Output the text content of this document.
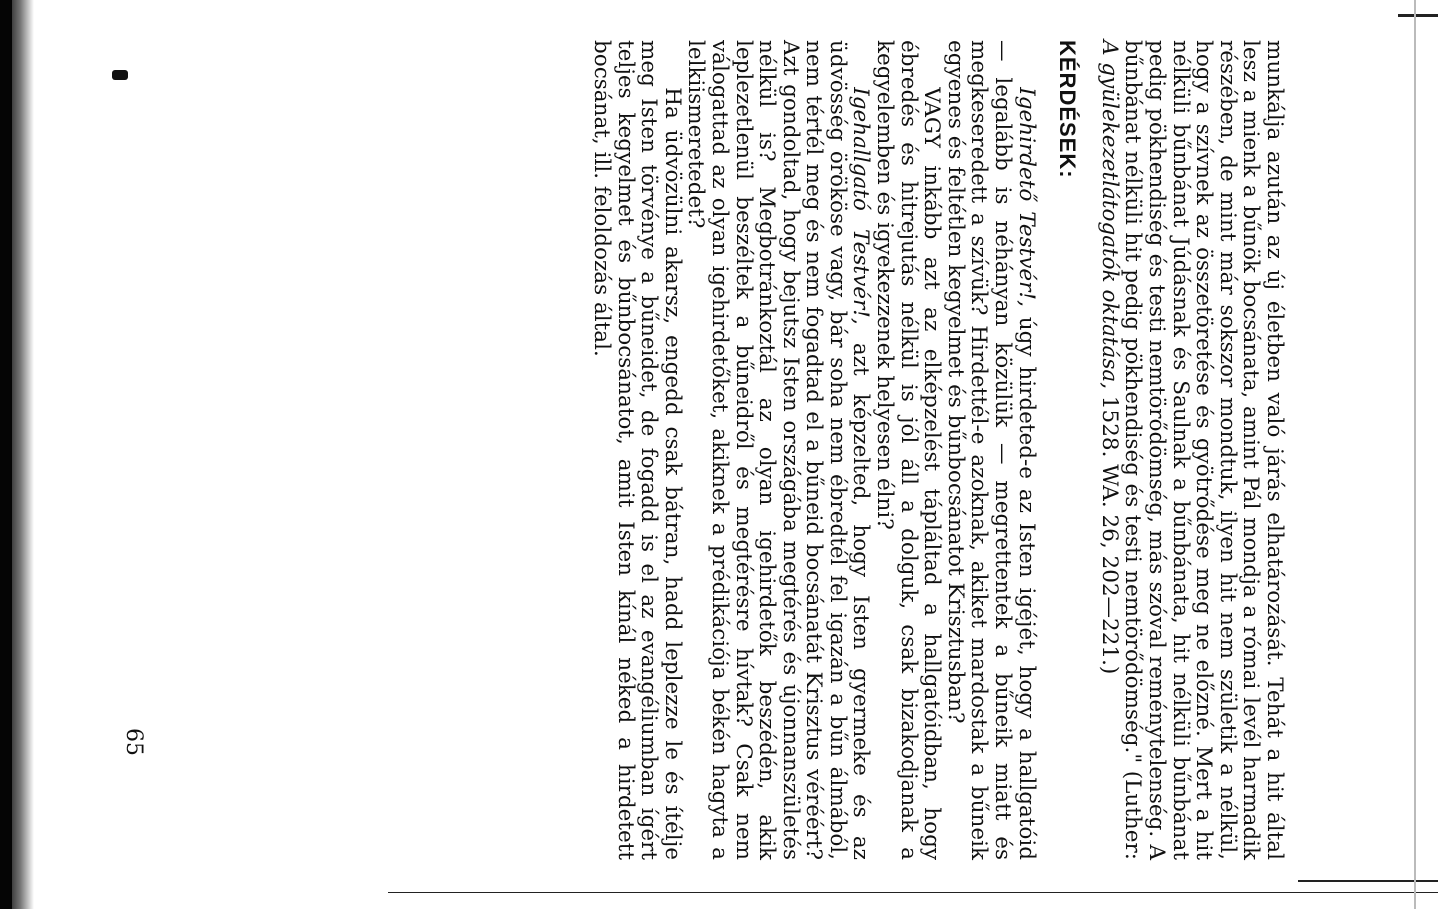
munkálja azután az új életben való járás elhatározását. Tehát a hit által lesz a mienk a bűnök bocsánata, amint Pál mondja a római levél harmadik részében, de mint már sokszor mondtuk, ilyen hit nem születik a nélkül, hogy a szívnek az összetöretése és gyötrődése meg ne előzné. Mert a hit nélküli bűnbánat Júdásnak és Saulnak a bűnbánata, hit nélküli bűnbánat pedig pökhendiség és testi nemtörődömség, más szóval reménytelenség. A bűnbánat nélküli hit pedig pökhendiség és testi nemtörődömség." (Luther: A gyülekezetlátogatók oktatása, 1528. WA. 26, 202—221.)

KÉRDÉSEK:

Igehirdető Testvér!, úgy hirdeted-e az Isten igéjét, hogy a hallgatóid — legalább is néhányan közülük — megrettentek a bűneik miatt és megkeseredett a szívük? Hirdettél-e azoknak, akiket mardostak a bűneik egyenes és feltétlen kegyelmet és bűnbocsánatot Krisztusban?

VAGY inkább azt az elképzelést tápláltad a hallgatóidban, hogy ébredés és hitrejutás nélkül is jól áll a dolguk, csak bizakodjanak a kegyelemben és igyekezzenek helyesen élni?

Igehallgató Testvér!, azt képzelted, hogy Isten gyermeke és az üdvösség örököse vagy, bár soha nem ébredtél fel igazán a bűn álmából, nem tértél meg és nem fogadtad el a bűneid bocsánatát Krisztus véréért? Azt gondoltad, hogy bejutsz Isten országába megtérés és újonnanszületés nélkül is? Megbotránkoztál az olyan igehirdetők beszédén, akik leplezetlenül beszéltek a bűneidről és megtérésre hívtak? Csak nem válogattad az olyan igehirdetőket, akiknek a prédikációja békén hagyta a lelkiismeretedet?

Ha üdvözülni akarsz, engedd csak bátran, hadd leplezze le és ítélje meg Isten törvénye a bűneidet, de fogadd is el az evangéliumban ígért teljes kegyelmet és bűnbocsánatot, amit Isten kínál néked a hirdetett bocsánat, ill. feloldozás által.

65
